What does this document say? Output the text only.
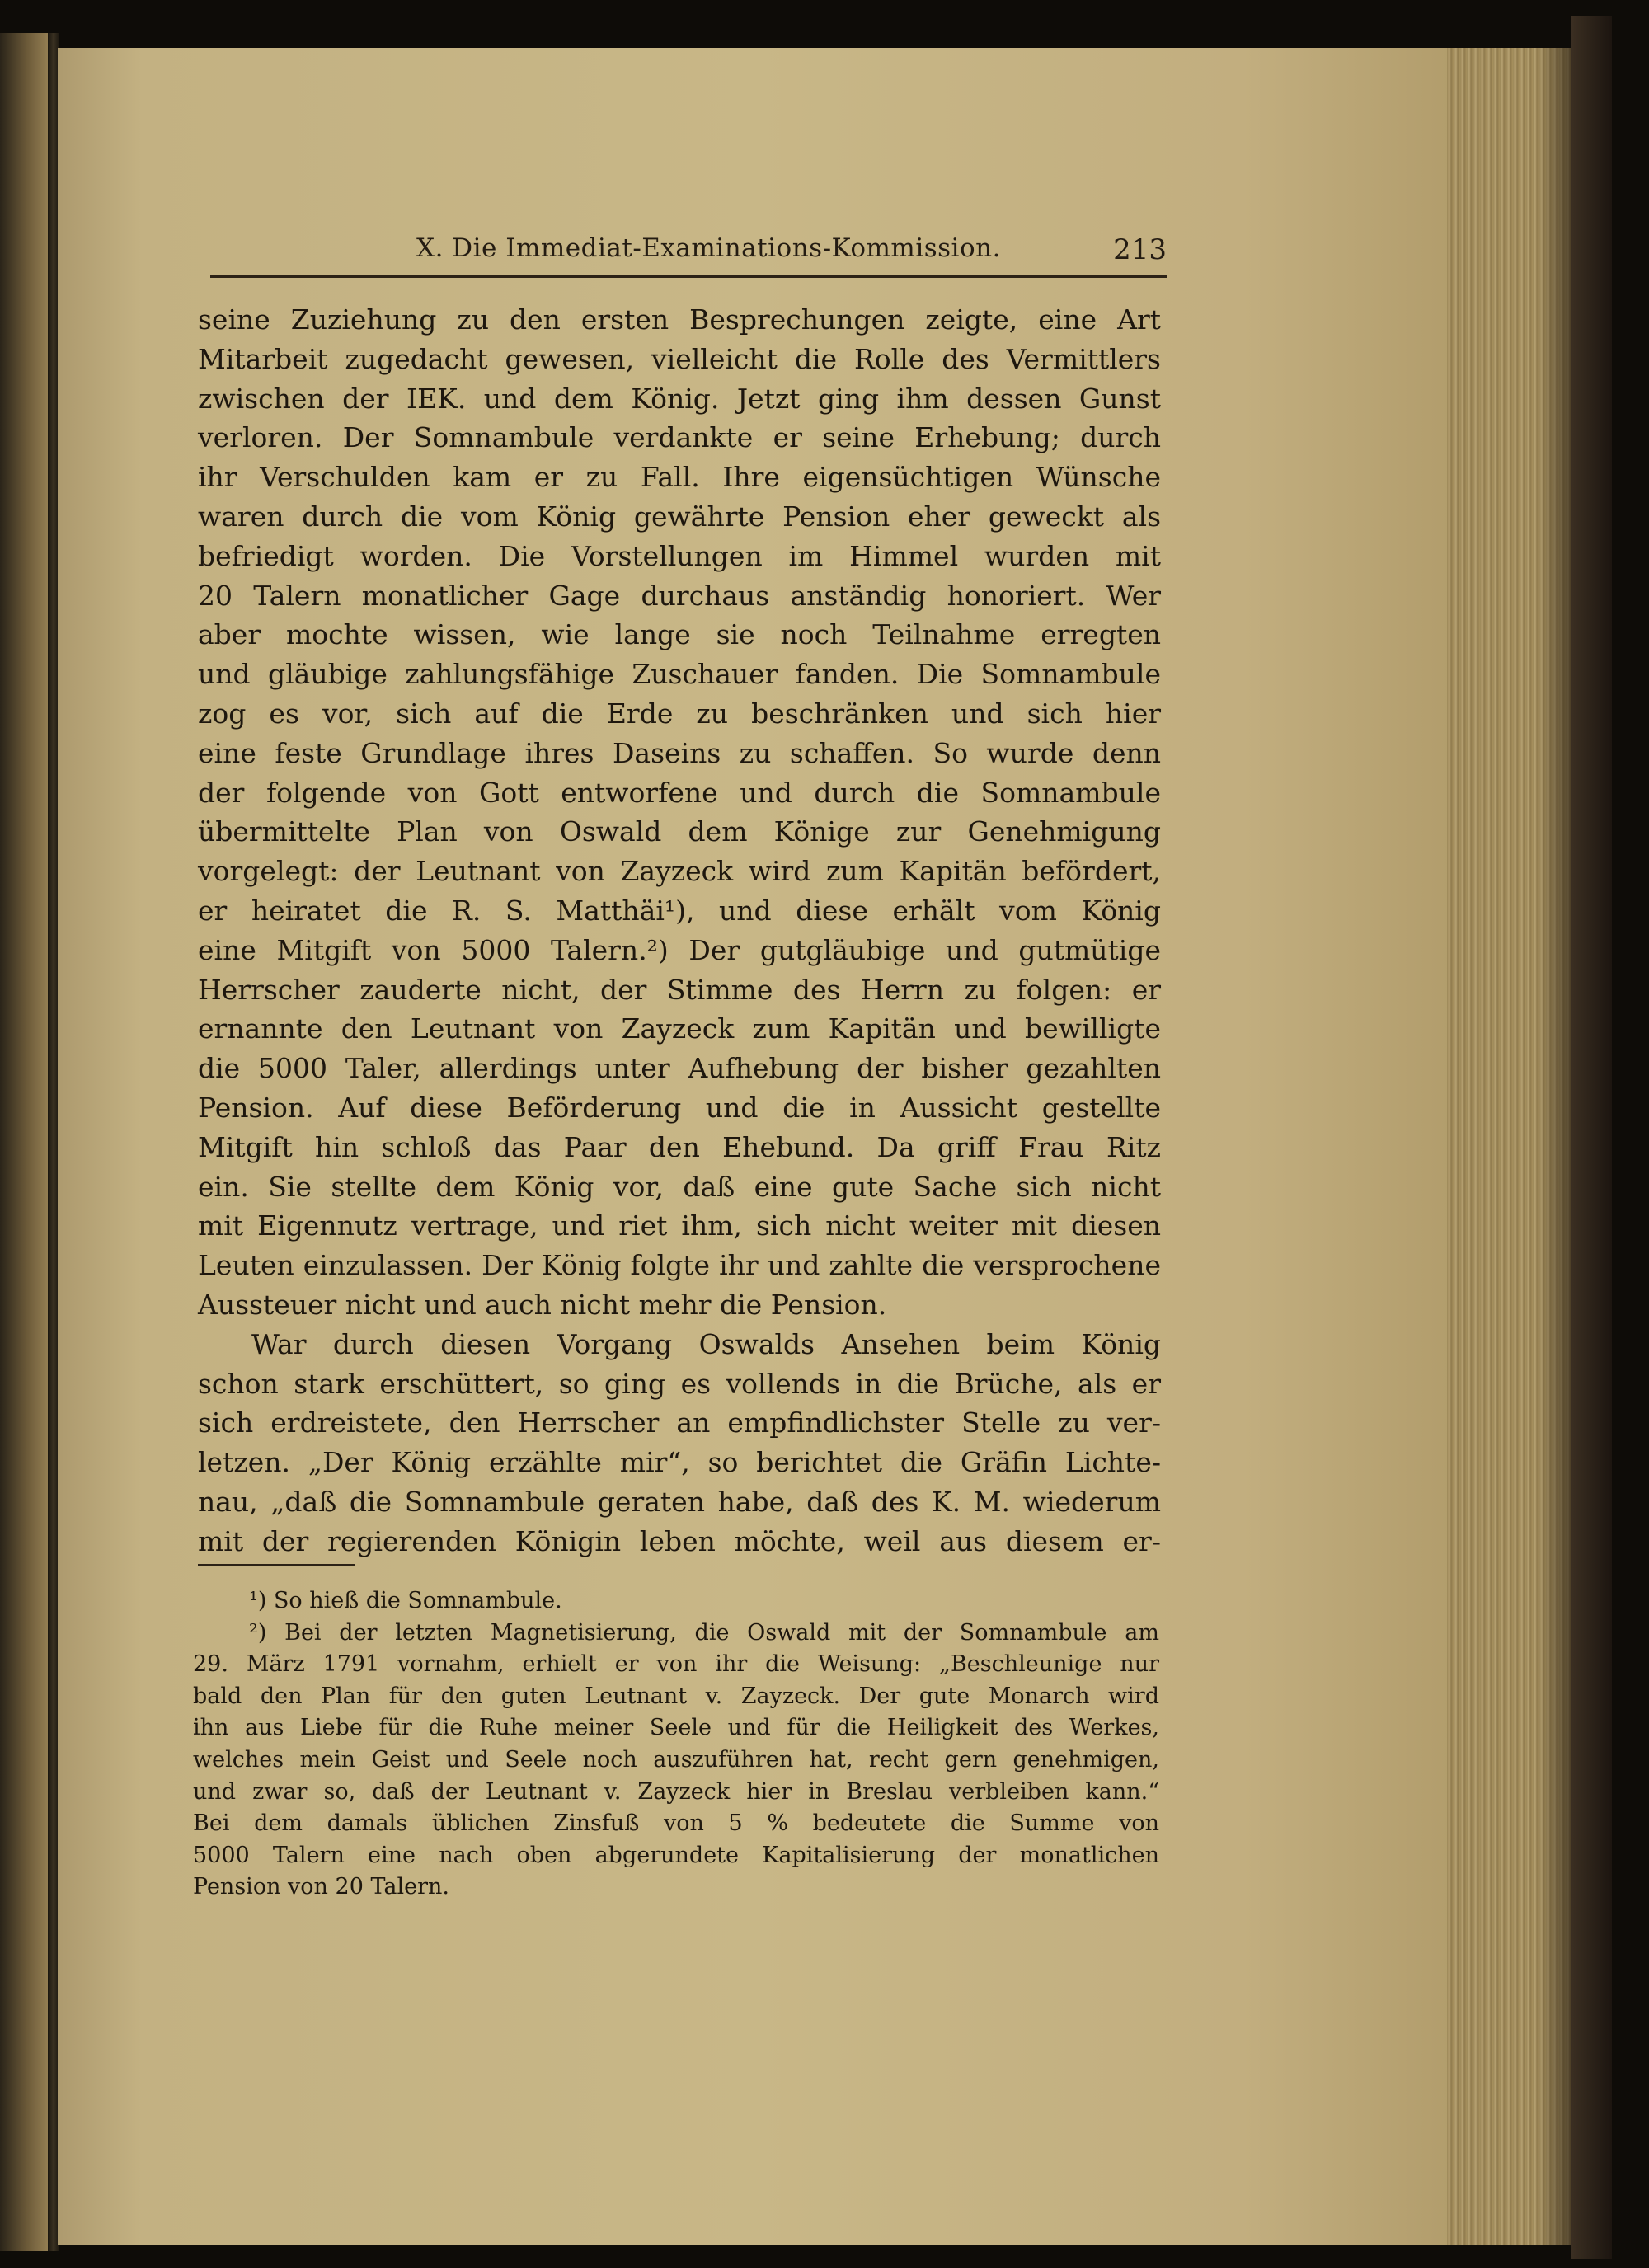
X. Die Immediat-Examinations-Kommission.	213

seine Zuziehung zu den ersten Besprechungen zeigte, eine Art

Mitarbeit zugedacht gewesen, vielleicht die Rolle des Vermittlers

zwischen der IEK. und dem König. Jetzt ging ihm dessen Gunst

verloren. Der Somnambule verdankte er seine Erhebung; durch

ihr Verschulden kam er zu Fall. Ihre eigensüchtigen Wünsche

waren durch die vom König gewährte Pension eher geweckt als

befriedigt worden. Die Vorstellungen im Himmel wurden mit

20 Talern monatlicher Gage durchaus anständig honoriert. Wer

aber mochte wissen, wie lange sie noch Teilnahme erregten

und gläubige zahlungsfähige Zuschauer fanden. Die Somnambule

zog es vor, sich auf die Erde zu beschränken und sich hier

eine feste Grundlage ihres Daseins zu schaffen. So wurde denn

der folgende von Gott entworfene und durch die Somnambule

übermittelte Plan von Oswald dem Könige zur Genehmigung

vorgelegt: der Leutnant von Zayzeck wird zum Kapitän befördert,

er heiratet die R. S. Matthäi¹), und diese erhält vom König

eine Mitgift von 5000 Talern.²) Der gutgläubige und gutmütige

Herrscher zauderte nicht, der Stimme des Herrn zu folgen: er

ernannte den Leutnant von Zayzeck zum Kapitän und bewilligte

die 5000 Taler, allerdings unter Aufhebung der bisher gezahlten

Pension. Auf diese Beförderung und die in Aussicht gestellte

Mitgift hin schloß das Paar den Ehebund. Da griff Frau Ritz

ein. Sie stellte dem König vor, daß eine gute Sache sich nicht

mit Eigennutz vertrage, und riet ihm, sich nicht weiter mit diesen

Leuten einzulassen. Der König folgte ihr und zahlte die versprochene

Aussteuer nicht und auch nicht mehr die Pension.

War durch diesen Vorgang Oswalds Ansehen beim König

schon stark erschüttert, so ging es vollends in die Brüche, als er

sich erdreistete, den Herrscher an empfindlichster Stelle zu ver-

letzen. „Der König erzählte mir“, so berichtet die Gräfin Lichte-

nau, „daß die Somnambule geraten habe, daß des K. M. wiederum

mit der regierenden Königin leben möchte, weil aus diesem er-

¹) So hieß die Somnambule.

²) Bei der letzten Magnetisierung, die Oswald mit der Somnambule am

29. März 1791 vornahm, erhielt er von ihr die Weisung: „Beschleunige nur

bald den Plan für den guten Leutnant v. Zayzeck. Der gute Monarch wird

ihn aus Liebe für die Ruhe meiner Seele und für die Heiligkeit des Werkes,

welches mein Geist und Seele noch auszuführen hat, recht gern genehmigen,

und zwar so, daß der Leutnant v. Zayzeck hier in Breslau verbleiben kann.“

Bei dem damals üblichen Zinsfuß von 5 % bedeutete die Summe von

5000 Talern eine nach oben abgerundete Kapitalisierung der monatlichen

Pension von 20 Talern.
